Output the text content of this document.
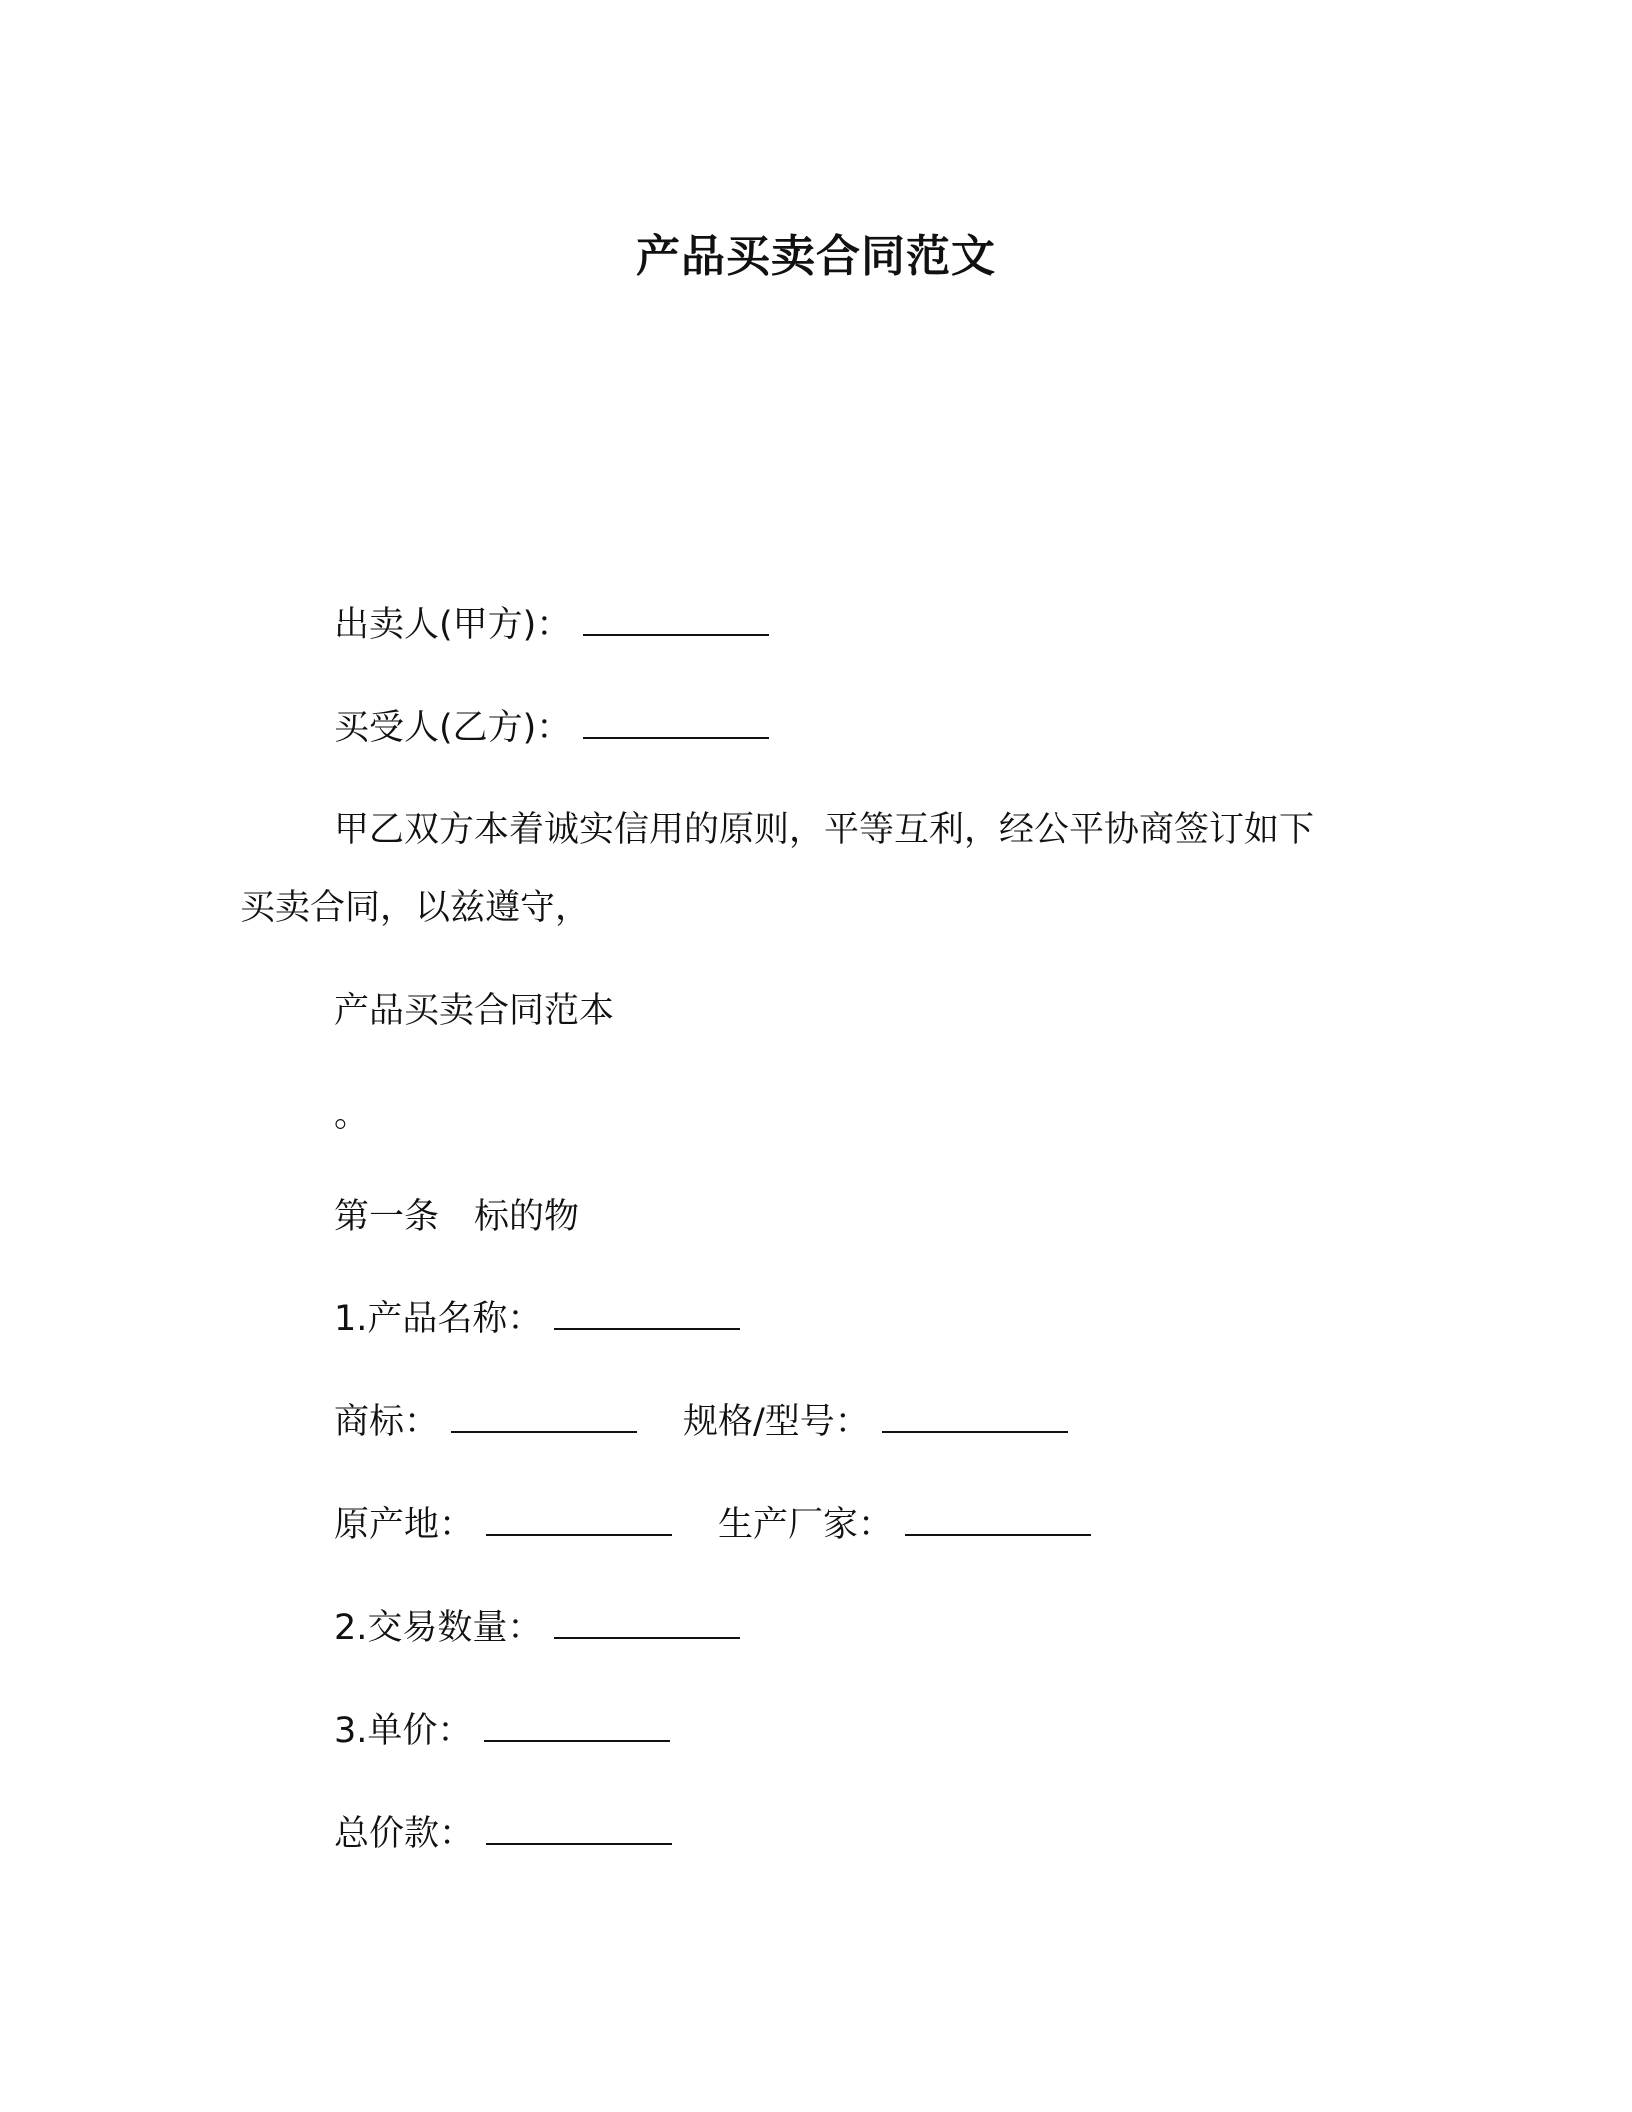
产品买卖合同范文
出卖人(甲方)：
买受人(乙方)：
甲乙双方本着诚实信用的原则，平等互利，经公平协商签订如下
买卖合同，以兹遵守，
产品买卖合同范本
。
第一条　标的物
1.产品名称：
商标：	规格/型号：
原产地：	生产厂家：
2.交易数量：
3.单价：
总价款：
